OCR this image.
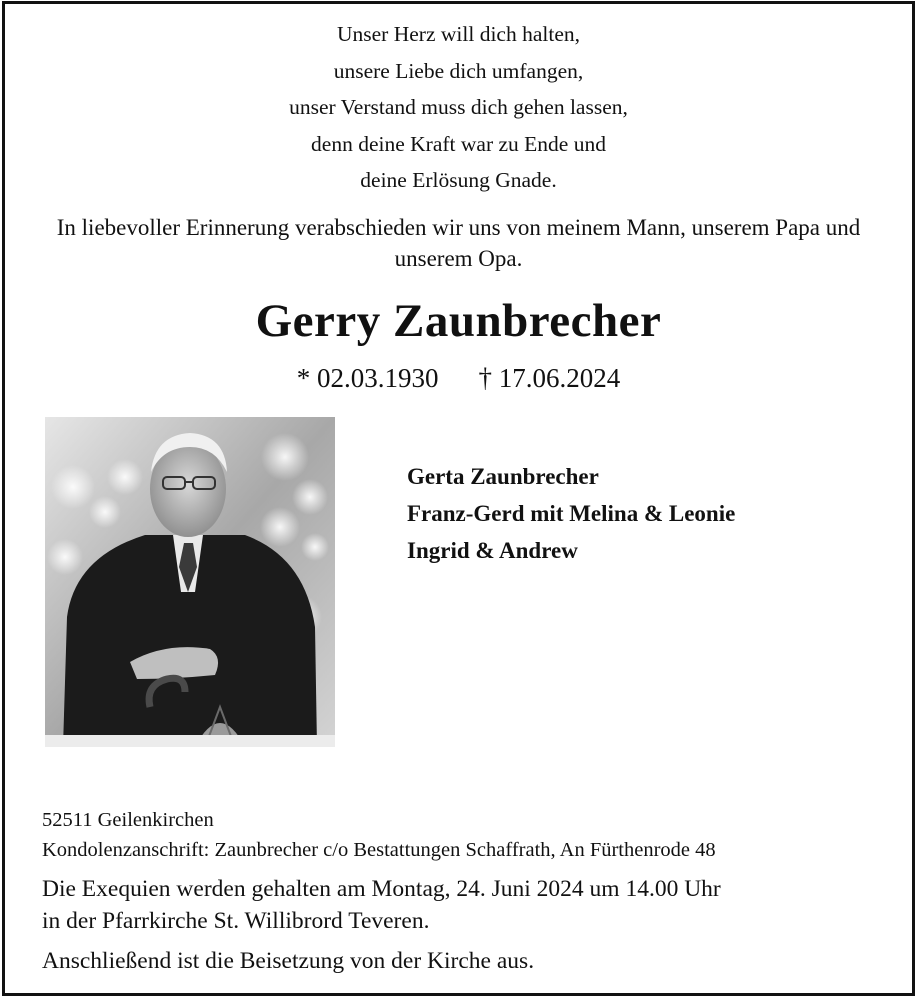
Unser Herz will dich halten,
unsere Liebe dich umfangen,
unser Verstand muss dich gehen lassen,
denn deine Kraft war zu Ende und
deine Erlösung Gnade.
In liebevoller Erinnerung verabschieden wir uns von meinem Mann, unserem Papa und unserem Opa.
Gerry Zaunbrecher
* 02.03.1930 † 17.06.2024
Gerta Zaunbrecher
Franz-Gerd mit Melina & Leonie
Ingrid & Andrew
52511 Geilenkirchen
Kondolenzanschrift: Zaunbrecher c/o Bestattungen Schaffrath, An Fürthenrode 48
Die Exequien werden gehalten am Montag, 24. Juni 2024 um 14.00 Uhr
in der Pfarrkirche St. Willibrord Teveren.
Anschließend ist die Beisetzung von der Kirche aus.
